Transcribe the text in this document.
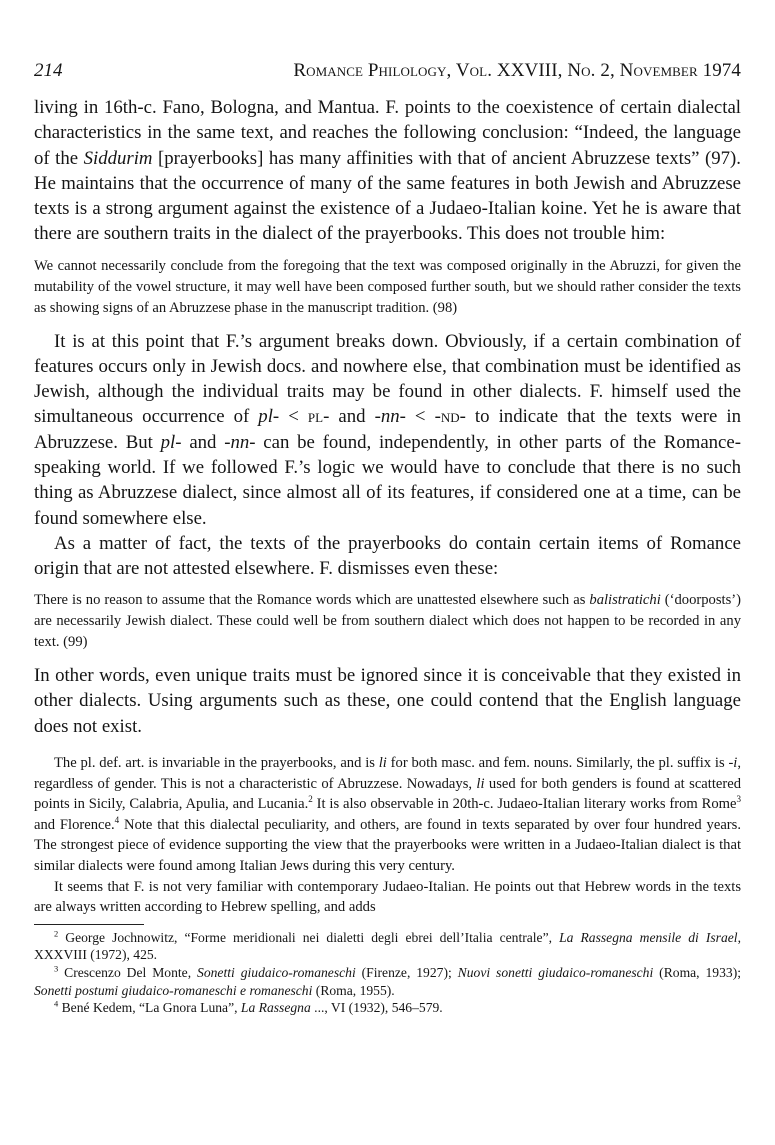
214	Romance Philology, Vol. XXVIII, No. 2, November 1974

living in 16th-c. Fano, Bologna, and Mantua. F. points to the coexistence of certain dialectal characteristics in the same text, and reaches the following conclusion: “Indeed, the language of the Siddurim [prayerbooks] has many affinities with that of ancient Abruzzese texts” (97). He maintains that the occurrence of many of the same features in both Jewish and Abruzzese texts is a strong argument against the existence of a Judaeo-Italian koine. Yet he is aware that there are southern traits in the dialect of the prayerbooks. This does not trouble him:

We cannot necessarily conclude from the foregoing that the text was composed originally in the Abruzzi, for given the mutability of the vowel structure, it may well have been composed further south, but we should rather consider the texts as showing signs of an Abruzzese phase in the manuscript tradition. (98)

It is at this point that F.’s argument breaks down. Obviously, if a certain combination of features occurs only in Jewish docs. and nowhere else, that combination must be identified as Jewish, although the individual traits may be found in other dialects. F. himself used the simultaneous occurrence of pl- < pl- and -nn- < -nd- to indicate that the texts were in Abruzzese. But pl- and -nn- can be found, independently, in other parts of the Romance-speaking world. If we followed F.’s logic we would have to conclude that there is no such thing as Abruzzese dialect, since almost all of its features, if considered one at a time, can be found somewhere else.

As a matter of fact, the texts of the prayerbooks do contain certain items of Romance origin that are not attested elsewhere. F. dismisses even these:

There is no reason to assume that the Romance words which are unattested elsewhere such as balistratichi (‘doorposts’) are necessarily Jewish dialect. These could well be from southern dialect which does not happen to be recorded in any text. (99)

In other words, even unique traits must be ignored since it is conceivable that they existed in other dialects. Using arguments such as these, one could contend that the English language does not exist.

The pl. def. art. is invariable in the prayerbooks, and is li for both masc. and fem. nouns. Similarly, the pl. suffix is -i, regardless of gender. This is not a characteristic of Abruzzese. Nowadays, li used for both genders is found at scattered points in Sicily, Calabria, Apulia, and Lucania.$^2$ It is also observable in 20th-c. Judaeo-Italian literary works from Rome$^3$ and Florence.$^4$ Note that this dialectal peculiarity, and others, are found in texts separated by over four hundred years. The strongest piece of evidence supporting the view that the prayerbooks were written in a Judaeo-Italian dialect is that similar dialects were found among Italian Jews during this very century.

It seems that F. is not very familiar with contemporary Judaeo-Italian. He points out that Hebrew words in the texts are always written according to Hebrew spelling, and adds

$^2$ George Jochnowitz, “Forme meridionali nei dialetti degli ebrei dell’Italia centrale”, La Rassegna mensile di Israel, XXXVIII (1972), 425.

$^3$ Crescenzo Del Monte, Sonetti giudaico-romaneschi (Firenze, 1927); Nuovi sonetti giudaico-romaneschi (Roma, 1933); Sonetti postumi giudaico-romaneschi e romaneschi (Roma, 1955).

$^4$ Bené Kedem, “La Gnora Luna”, La Rassegna ..., VI (1932), 546–579.
